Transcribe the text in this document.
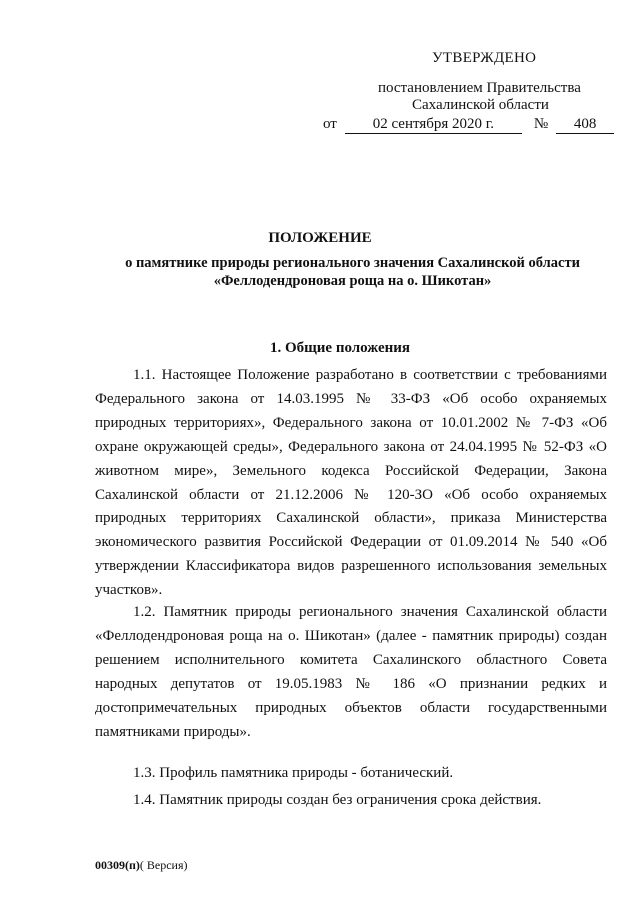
УТВЕРЖДЕНО
постановлением Правительства
Сахалинской области
от	02 сентября 2020 г.	№	408
ПОЛОЖЕНИЕ
о памятнике природы регионального значения Сахалинской области
«Феллодендроновая роща на о. Шикотан»
1. Общие положения

1.1. Настоящее Положение разработано в соответствии с требованиями Федерального закона от 14.03.1995 № 33-ФЗ «Об особо охраняемых природных территориях», Федерального закона от 10.01.2002 № 7-ФЗ «Об охране окружающей среды», Федерального закона от 24.04.1995 № 52-ФЗ «О животном мире», Земельного кодекса Российской Федерации, Закона Сахалинской области от 21.12.2006 № 120-ЗО «Об особо охраняемых природных территориях Сахалинской области», приказа Министерства экономического развития Российской Федерации от 01.09.2014 № 540 «Об утверждении Классификатора видов разрешенного использования земельных участков».

1.2. Памятник природы регионального значения Сахалинской области «Феллодендроновая роща на о. Шикотан» (далее - памятник природы) создан решением исполнительного комитета Сахалинского областного Совета народных депутатов от 19.05.1983 № 186 «О признании редких и достопримечательных природных объектов области государственными памятниками природы».

1.3. Профиль памятника природы - ботанический.

1.4. Памятник природы создан без ограничения срока действия.

00309(п)( Версия)
